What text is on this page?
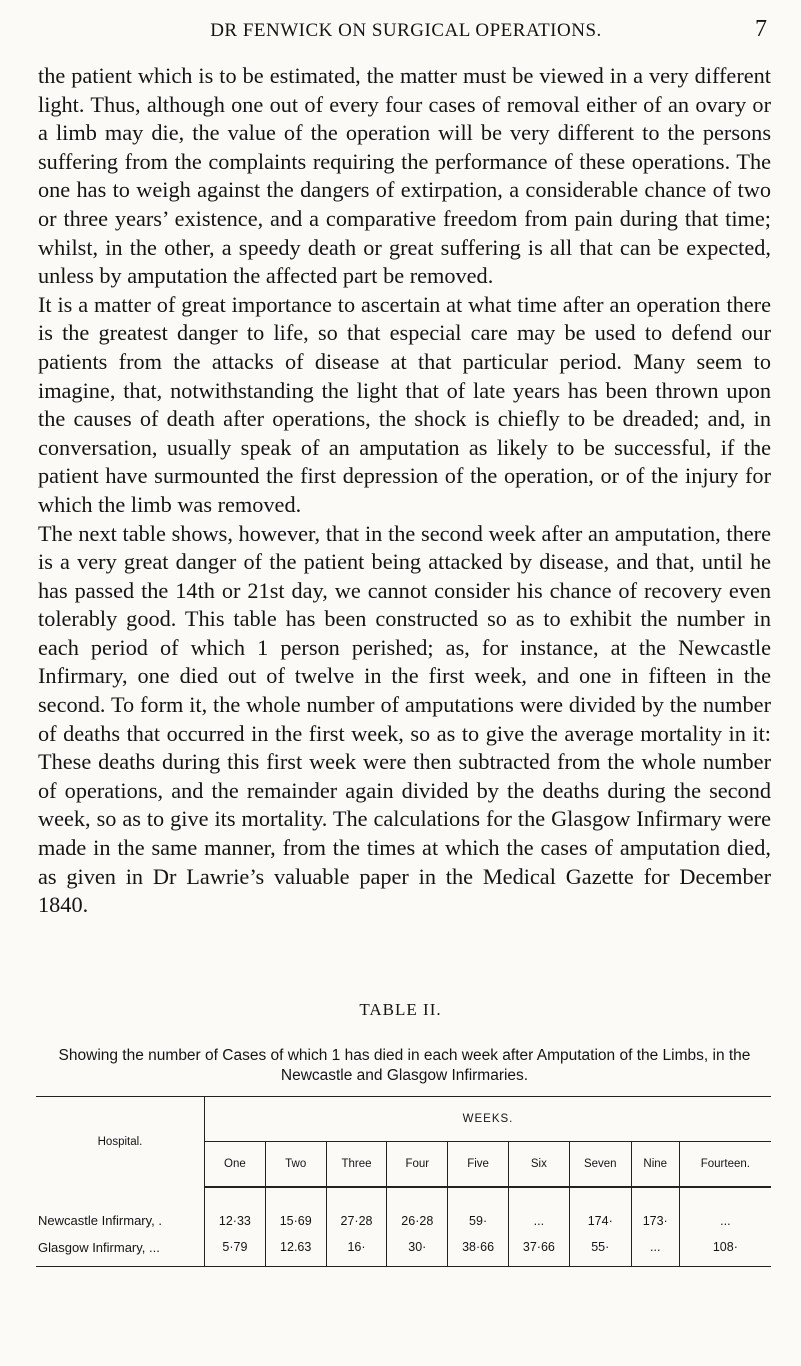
DR FENWICK ON SURGICAL OPERATIONS.	7

the patient which is to be estimated, the matter must be viewed in a very different light. Thus, although one out of every four cases of removal either of an ovary or a limb may die, the value of the operation will be very different to the persons suffering from the complaints requiring the performance of these operations. The one has to weigh against the dangers of extirpation, a considerable chance of two or three years’ existence, and a comparative freedom from pain during that time; whilst, in the other, a speedy death or great suffering is all that can be expected, unless by amputation the affected part be removed.

It is a matter of great importance to ascertain at what time after an operation there is the greatest danger to life, so that especial care may be used to defend our patients from the attacks of disease at that particular period. Many seem to imagine, that, notwithstanding the light that of late years has been thrown upon the causes of death after operations, the shock is chiefly to be dreaded; and, in conversation, usually speak of an amputation as likely to be successful, if the patient have surmounted the first depression of the operation, or of the injury for which the limb was removed.

The next table shows, however, that in the second week after an amputation, there is a very great danger of the patient being attacked by disease, and that, until he has passed the 14th or 21st day, we cannot consider his chance of recovery even tolerably good. This table has been constructed so as to exhibit the number in each period of which 1 person perished; as, for instance, at the Newcastle Infirmary, one died out of twelve in the first week, and one in fifteen in the second. To form it, the whole number of amputations were divided by the number of deaths that occurred in the first week, so as to give the average mortality in it: These deaths during this first week were then subtracted from the whole number of operations, and the remainder again divided by the deaths during the second week, so as to give its mortality. The calculations for the Glasgow Infirmary were made in the same manner, from the times at which the cases of amputation died, as given in Dr Lawrie’s valuable paper in the Medical Gazette for December 1840.

TABLE II.
Showing the number of Cases of which 1 has died in each week after Amputation of the Limbs, in the Newcastle and Glasgow Infirmaries.
Hospital.	WEEKS.								
	One	Two	Three	Four	Five	Six	Seven	Nine	Fourteen.
Newcastle Infirmary, .	12·33	15·69	27·28	26·28	59·	...	174·	173·	...
Glasgow Infirmary, ...	5·79	12.63	16·	30·	38·66	37·66	55·	...	108·
